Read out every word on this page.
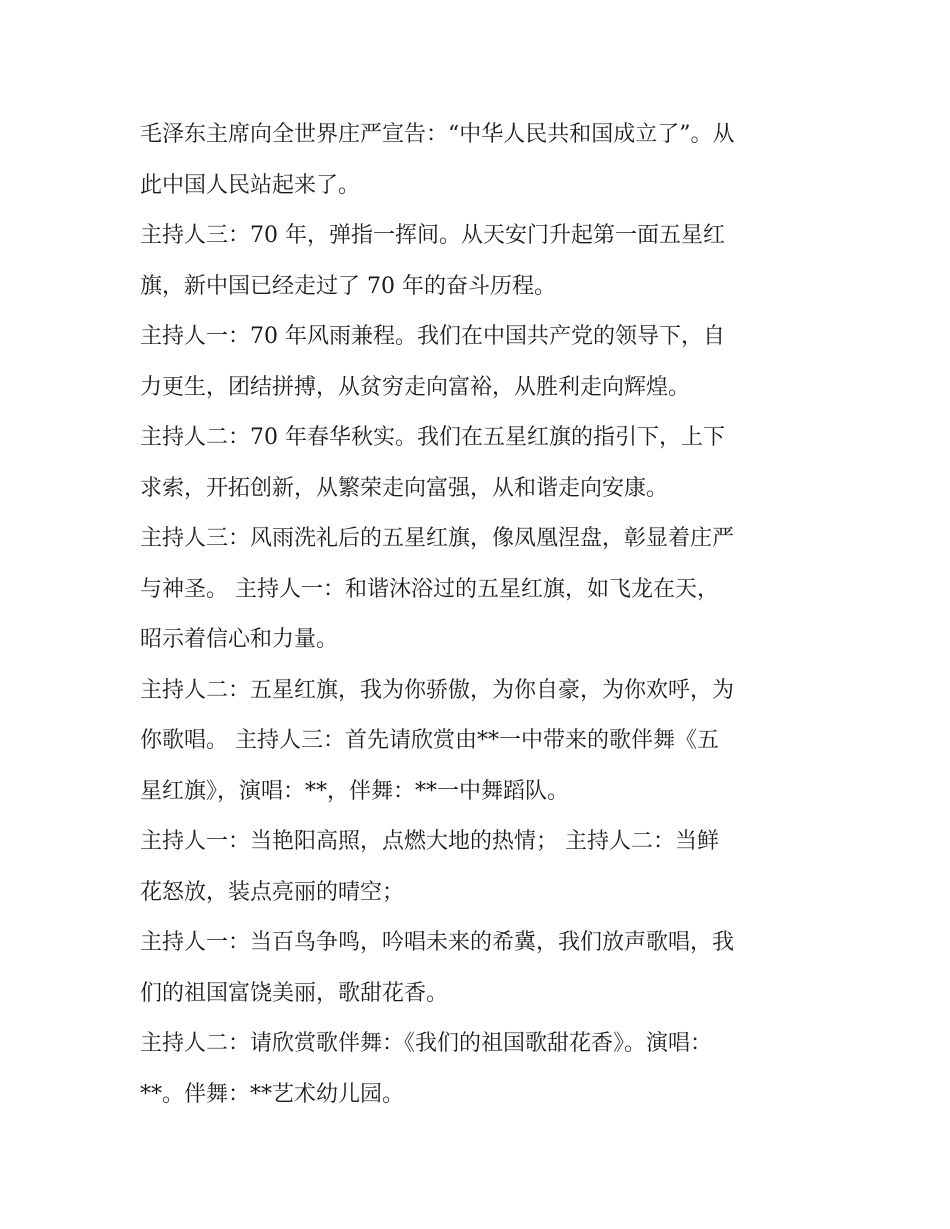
毛泽东主席向全世界庄严宣告：“中华人民共和国成立了”。从
此中国人民站起来了。

主持人三：70 年，弹指一挥间。从天安门升起第一面五星红
旗，新中国已经走过了 70 年的奋斗历程。

主持人一：70 年风雨兼程。我们在中国共产党的领导下，自
力更生，团结拼搏，从贫穷走向富裕，从胜利走向辉煌。

主持人二：70 年春华秋实。我们在五星红旗的指引下，上下
求索，开拓创新，从繁荣走向富强，从和谐走向安康。

主持人三：风雨洗礼后的五星红旗，像凤凰涅盘，彰显着庄严
与神圣。 主持人一：和谐沐浴过的五星红旗，如飞龙在天，
昭示着信心和力量。

主持人二：五星红旗，我为你骄傲，为你自豪，为你欢呼，为
你歌唱。 主持人三：首先请欣赏由**一中带来的歌伴舞《五
星红旗》，演唱：**，伴舞：**一中舞蹈队。

主持人一：当艳阳高照，点燃大地的热情； 主持人二：当鲜
花怒放，装点亮丽的晴空；

主持人一：当百鸟争鸣，吟唱未来的希冀，我们放声歌唱，我
们的祖国富饶美丽，歌甜花香。

主持人二：请欣赏歌伴舞：《我们的祖国歌甜花香》。演唱：
**。伴舞：**艺术幼儿园。
